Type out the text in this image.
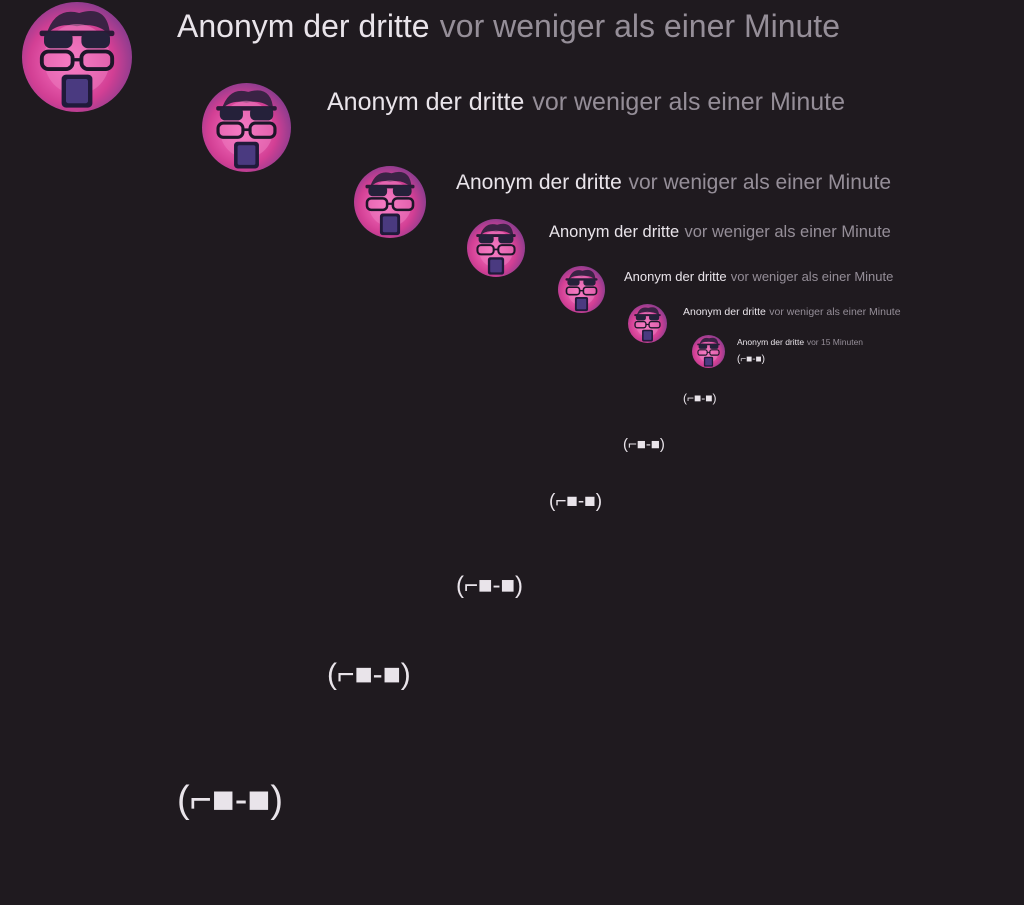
Anonym der dritte vor weniger als einer Minute
Anonym der dritte vor weniger als einer Minute
Anonym der dritte vor weniger als einer Minute
Anonym der dritte vor weniger als einer Minute
Anonym der dritte vor weniger als einer Minute
Anonym der dritte vor weniger als einer Minute
Anonym der dritte vor 15 Minuten
(⌐■-■)
(⌐■-■)
(⌐■-■)
(⌐■-■)
(⌐■-■)
(⌐■-■)
(⌐■-■)
